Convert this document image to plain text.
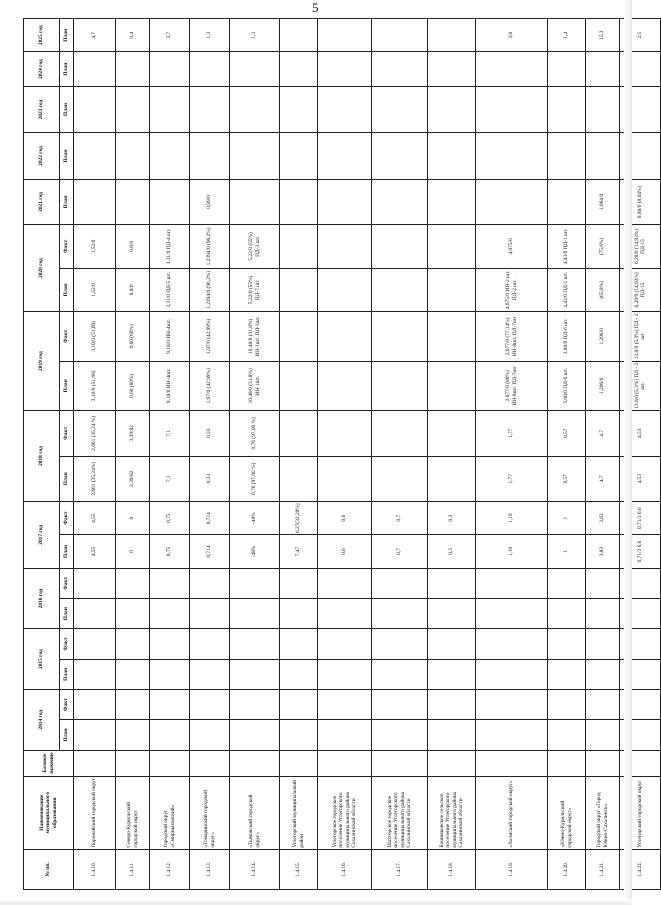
5
№ пп.	Наименование муниципального образования	Базовое значение	2014 год		2015 год		2016 год		2017 год		2018 год		2019 год		2020 год		2021 год	2022 год	2023 год	2024 год	2025 год
			План	Факт	План	Факт	План	Факт	План	Факт	План	Факт	План	Факт	План	Факт	План	План	План	План	План
1.4.10.	Поронайский городской округ								4,55	4,55	2,661 (35,24%)	2,661 (35,24 %)	3,10/0 (51,69)	3,10/0 (51,69)	1,52/0	1,52/0					4,7
1.4.11.	Северо-Курильский городской округ								0	0	3,39/82	3,39/82	0,60 (60%)	0,60 (60%)	0,8/0	0,8/0					0,4
1.4.12.	Городской округ «Смирныховский»								0,75	0,75	7,1	7,1	9,18/0 ИН-4шт.	9,18/0 ИН-4шт.	3,31/0 ПД-5 шт.	3,31/0 ПД-4 шт.					3,7
1.4.13.	«Томаринский городской округ»								0,714	0,714	0,33	0,33	1,97/0 (42,99%)	1,97/0 (42,99%)	1,2394/0 (96,2%)	1,2394/0 (96,2%)	0,89/0				1,3
1.4.14.	«Тымовский городской округ»								-48%	-48%	0,76 (97,00 %)	0,76 (97,00 %)	10,48/0 (31,8%) ИН-1шт.	10,48/0 (31,8%) ИН-1шт. ПД-1шт.	5,22/0 (55%) ПД-7 шт.	5,22/0 (55%) ПД-3 шт.					1,3
1.4.15.	Углегорский муниципальный район								7,47	6,27(32,28%)											
1.4.16.	Углегорское городское поселение Углегорского муниципального района Сахалинской области								0,6	0,6											
1.4.17.	Шахтерское городское поселение Углегорского муниципального района Сахалинской области								0,7	0,7											
1.4.18.	Бошняковское сельское поселение Углегорского муниципального района Сахалинской области								0,3	0,3											
1.4.19.	«Холмский городской округ»								1,19	1,19	1,77	1,77	2,077/0 (80%) ИН-8шт. ПД-7шт	2,077/0 (77,14%) ИН-8шт. ПД-7шт	4,075/0 ИН-2 шт. ПД-2 шт.	4,075/0					3,8
1.4.20.	«Южно-Курильский городской округ»								1	1	0,57	0,57	3,80/0 ПД-6 шт.	3,80/0 ПД-6 шт.	4,43/0 ПД-1 шт.	4,43/0 ПД-1 шт.					1,4
1.4.21.	Городской округ «Город Южно-Сахалинск»								3,83	3,83	4,7	4,7	1,206/0	1,206/0	(65,8%)	(75,6%)	1,064/0				15,3
1.4.22.	Углегорский городской округ								0,71/3 6,6	0,71/3 6,6	4,53	4,53	13,8/0 (5,3%) ПД - 2 шт.	13,8/0 (5,3%) ПД - 2 шт	6,28/0 (14,93%) ПД-15	6,28/0 (14,93%) ПД-15	0,88/0 (8,04%)				2,5
